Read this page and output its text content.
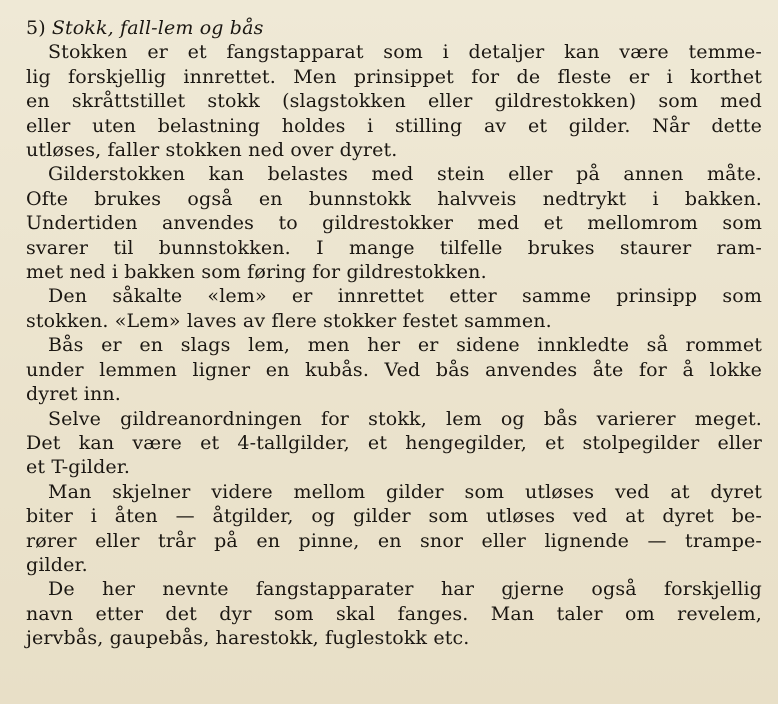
5) Stokk, fall-lem og bås

Stokken er et fangstapparat som i detaljer kan være temme-
lig forskjellig innrettet. Men prinsippet for de fleste er i korthet
en skråttstillet stokk (slagstokken eller gildrestokken) som med
eller uten belastning holdes i stilling av et gilder. Når dette
utløses, faller stokken ned over dyret.

Gilderstokken kan belastes med stein eller på annen måte.
Ofte brukes også en bunnstokk halvveis nedtrykt i bakken.
Undertiden anvendes to gildrestokker med et mellomrom som
svarer til bunnstokken. I mange tilfelle brukes staurer ram-
met ned i bakken som føring for gildrestokken.

Den såkalte «lem» er innrettet etter samme prinsipp som
stokken. «Lem» laves av flere stokker festet sammen.

Bås er en slags lem, men her er sidene innkledte så rommet
under lemmen ligner en kubås. Ved bås anvendes åte for å lokke
dyret inn.

Selve gildreanordningen for stokk, lem og bås varierer meget.
Det kan være et 4-tallgilder, et hengegilder, et stolpegilder eller
et T-gilder.

Man skjelner videre mellom gilder som utløses ved at dyret
biter i åten — åtgilder, og gilder som utløses ved at dyret be-
rører eller trår på en pinne, en snor eller lignende — trampe-
gilder.

De her nevnte fangstapparater har gjerne også forskjellig
navn etter det dyr som skal fanges. Man taler om revelem,
jervbås, gaupebås, harestokk, fuglestokk etc.
